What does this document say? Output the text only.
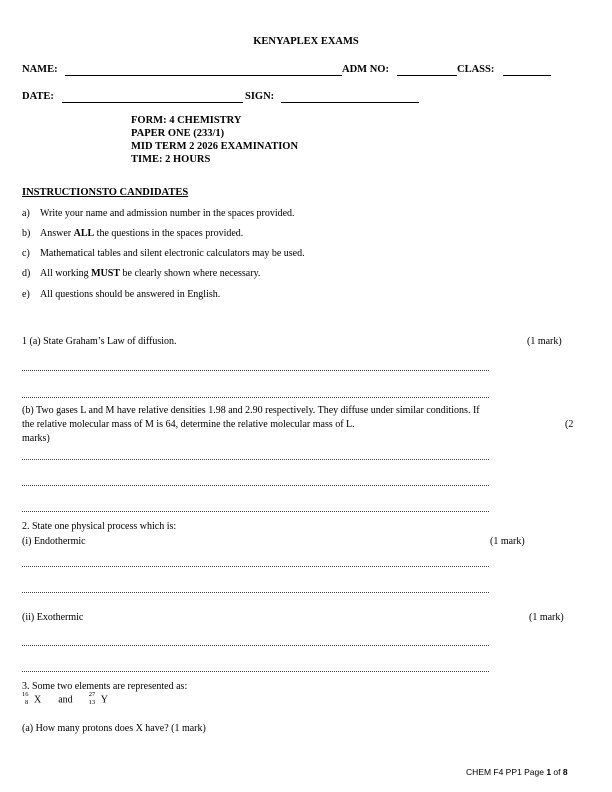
KENYAPLEX EXAMS
NAME:	ADM NO:	CLASS:
DATE:	SIGN:
FORM: 4 CHEMISTRY
PAPER ONE (233/1)
MID TERM 2 2026 EXAMINATION
TIME: 2 HOURS
INSTRUCTIONSTO CANDIDATES
a) Write your name and admission number in the spaces provided.
b) Answer ALL the questions in the spaces provided.
c) Mathematical tables and silent electronic calculators may be used.
d) All working MUST be clearly shown where necessary.
e) All questions should be answered in English.
1 (a) State Graham’s Law of diffusion.	(1 mark)
(b) Two gases L and M have relative densities 1.98 and 2.90 respectively. They diffuse under similar conditions. If
the relative molecular mass of M is 64, determine the relative molecular mass of L.	(2
marks)
2. State one physical process which is:
(i) Endothermic	(1 mark)
(ii) Exothermic	(1 mark)
3. Some two elements are represented as:
16
8 X and 27
13 Y
(a) How many protons does X have? (1 mark)
CHEM F4 PP1 Page 1 of 8
